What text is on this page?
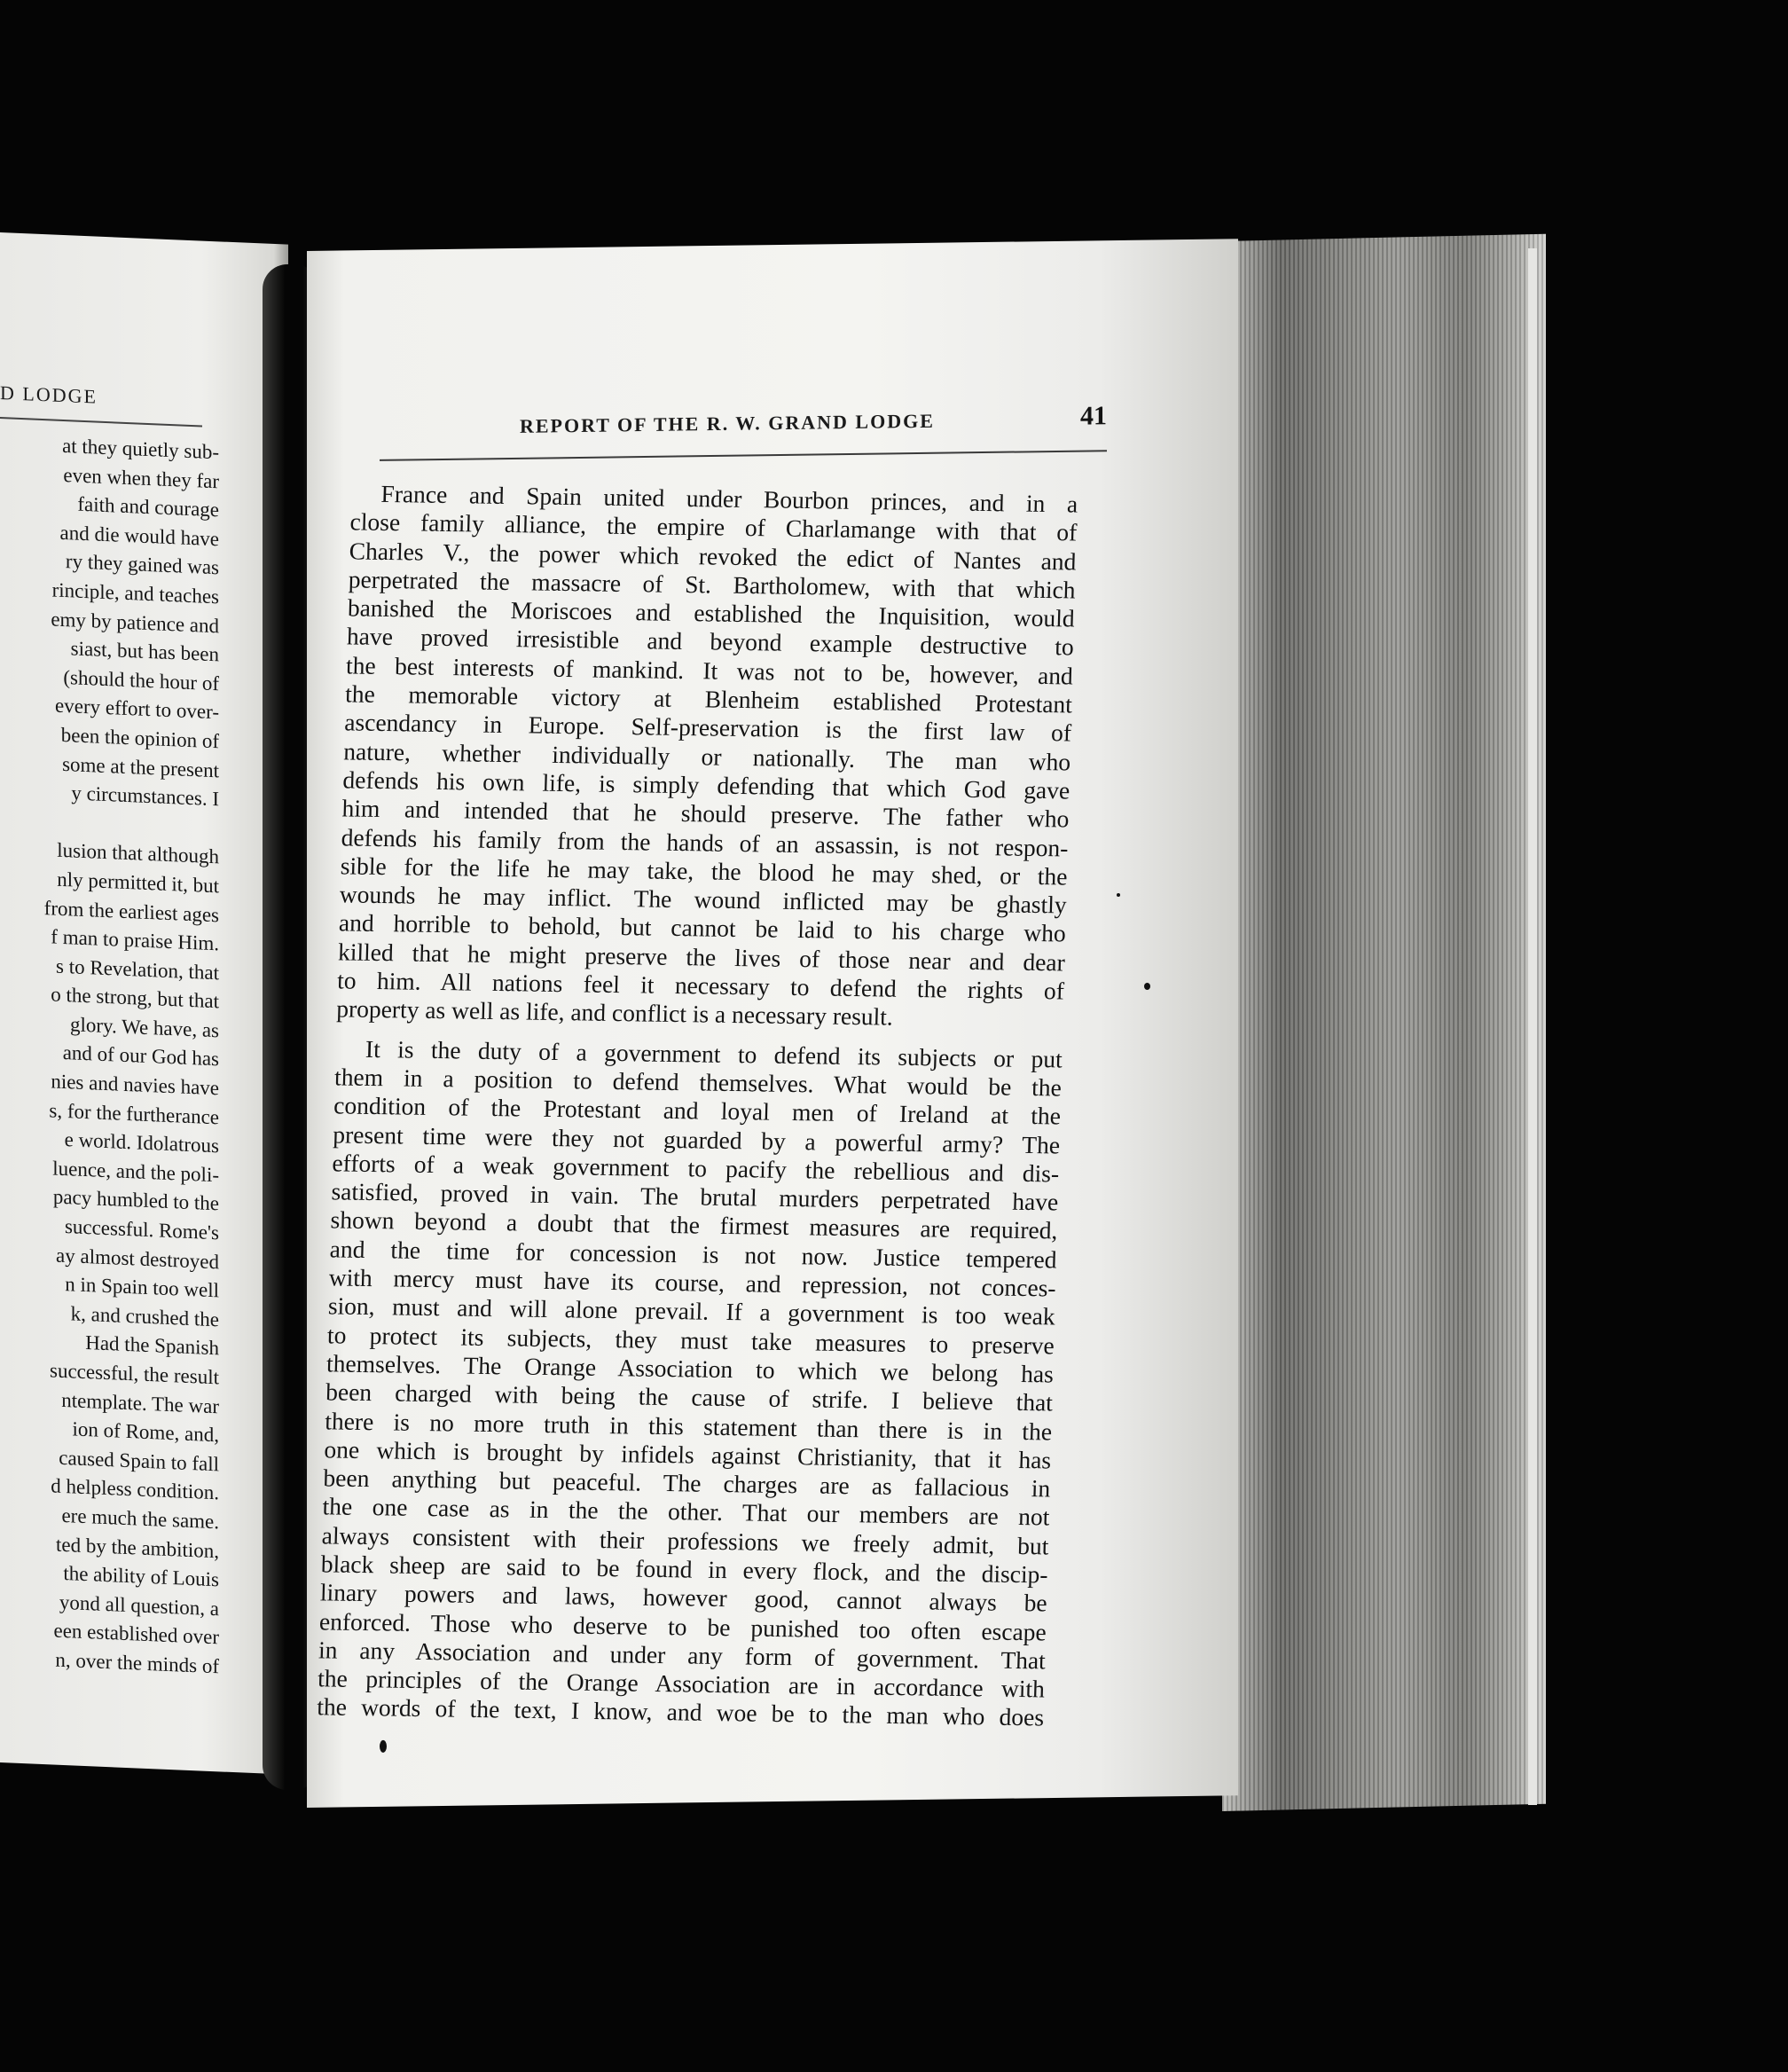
D LODGE
at they quietly sub-
even when they far
faith and courage
and die would have
ry they gained was
rinciple, and teaches
emy by patience and
siast, but has been
(should the hour of
every effort to over-
been the opinion of
some at the present
y circumstances. I

lusion that although
nly permitted it, but
from the earliest ages
f man to praise Him.
s to Revelation, that
o the strong, but that
glory. We have, as
and of our God has
nies and navies have
s, for the furtherance
e world. Idolatrous
luence, and the poli-
pacy humbled to the
successful. Rome's
ay almost destroyed
n in Spain too well
k, and crushed the
Had the Spanish
successful, the result
ntemplate. The war
ion of Rome, and,
caused Spain to fall
d helpless condition.
ere much the same.
ted by the ambition,
the ability of Louis
yond all question, a
een established over
n, over the minds of
REPORT OF THE R. W. GRAND LODGE	41
France and Spain united under Bourbon princes, and in a
close family alliance, the empire of Charlamange with that of
Charles V., the power which revoked the edict of Nantes and
perpetrated the massacre of St. Bartholomew, with that which
banished the Moriscoes and established the Inquisition, would
have proved irresistible and beyond example destructive to
the best interests of mankind. It was not to be, however, and
the memorable victory at Blenheim established Protestant
ascendancy in Europe. Self-preservation is the first law of
nature, whether individually or nationally. The man who
defends his own life, is simply defending that which God gave
him and intended that he should preserve. The father who
defends his family from the hands of an assassin, is not respon-
sible for the life he may take, the blood he may shed, or the
wounds he may inflict. The wound inflicted may be ghastly
and horrible to behold, but cannot be laid to his charge who
killed that he might preserve the lives of those near and dear
to him. All nations feel it necessary to defend the rights of
property as well as life, and conflict is a necessary result.
It is the duty of a government to defend its subjects or put
them in a position to defend themselves. What would be the
condition of the Protestant and loyal men of Ireland at the
present time were they not guarded by a powerful army? The
efforts of a weak government to pacify the rebellious and dis-
satisfied, proved in vain. The brutal murders perpetrated have
shown beyond a doubt that the firmest measures are required,
and the time for concession is not now. Justice tempered
with mercy must have its course, and repression, not conces-
sion, must and will alone prevail. If a government is too weak
to protect its subjects, they must take measures to preserve
themselves. The Orange Association to which we belong has
been charged with being the cause of strife. I believe that
there is no more truth in this statement than there is in the
one which is brought by infidels against Christianity, that it has
been anything but peaceful. The charges are as fallacious in
the one case as in the the other. That our members are not
always consistent with their professions we freely admit, but
black sheep are said to be found in every flock, and the discip-
linary powers and laws, however good, cannot always be
enforced. Those who deserve to be punished too often escape
in any Association and under any form of government. That
the principles of the Orange Association are in accordance with
the words of the text, I know, and woe be to the man who does
